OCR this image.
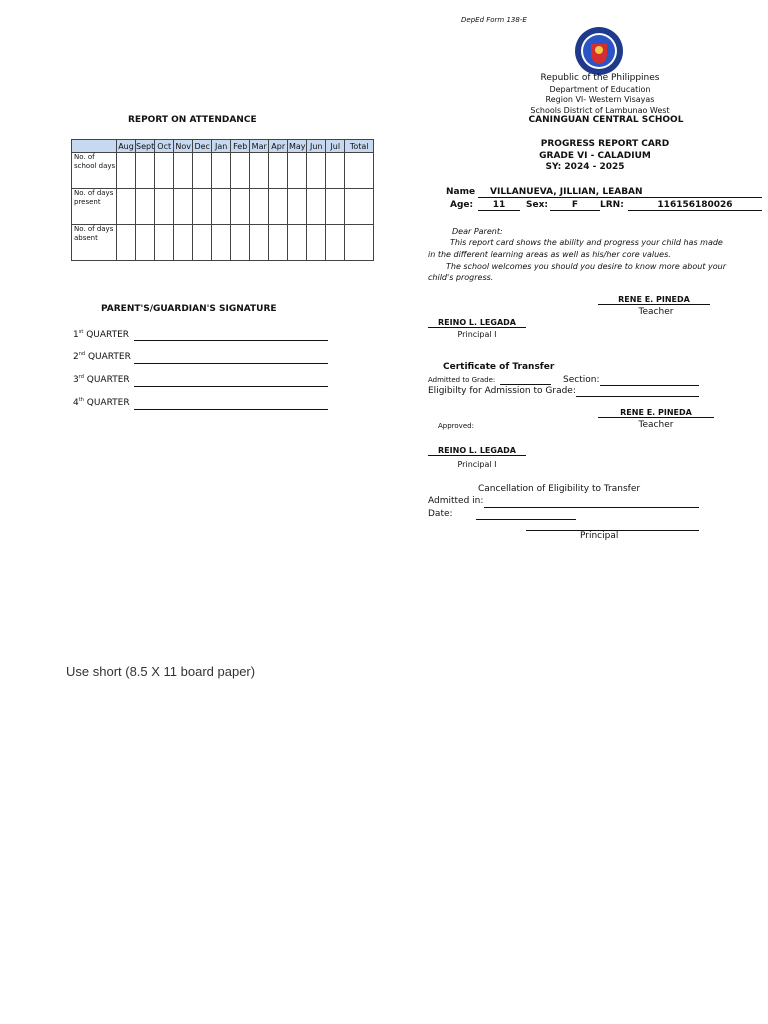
DepEd Form 138-E
Republic of the Philippines
Department of Education
Region VI- Western Visayas
Schools District of Lambunao West
CANINGUAN CENTRAL SCHOOL
PROGRESS REPORT CARD
GRADE VI - CALADIUM
SY: 2024 - 2025
Name	VILLANUEVA, JILLIAN, LEABAN
Age:	11	Sex:	F	LRN:	116156180026
Dear Parent:
This report card shows the ability and progress your child has made
in the different learning areas as well as his/her core values.
The school welcomes you should you desire to know more about your
child's progress.
RENE E. PINEDA
Teacher
REINO L. LEGADA
Principal I
Certificate of Transfer
Admitted to Grade:	Section:
Eligibilty for Admission to Grade:
RENE E. PINEDA
Teacher
Approved:
REINO L. LEGADA
Principal I
Cancellation of Eligibility to Transfer
Admitted in:
Date:
Principal
REPORT ON ATTENDANCE
	Aug	Sept	Oct	Nov	Dec	Jan	Feb	Mar	Apr	May	Jun	Jul	Total
No. of school days													
No. of days present													
No. of days absent													
PARENT'S/GUARDIAN'S SIGNATURE
1st QUARTER
2nd QUARTER
3rd QUARTER
4th QUARTER
Use short (8.5 X 11 board paper)
